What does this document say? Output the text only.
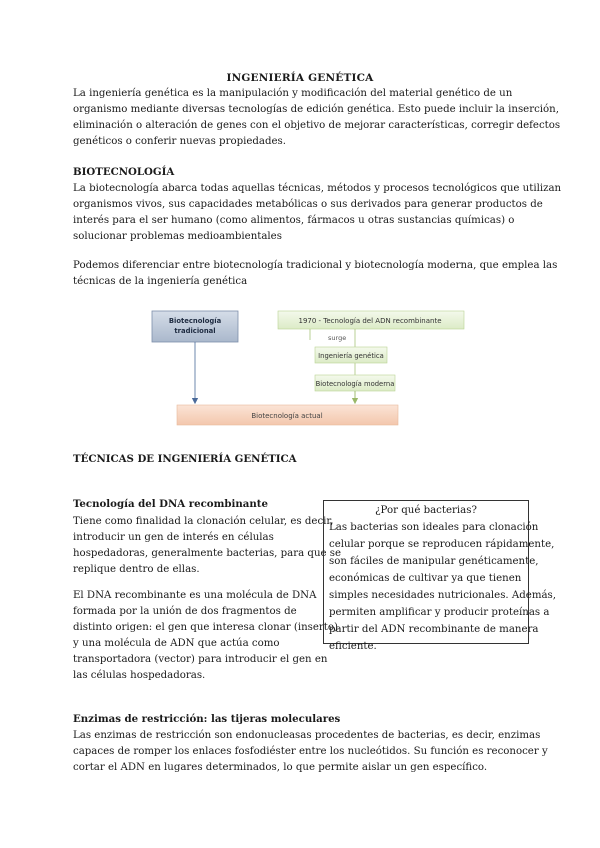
INGENIERÍA GENÉTICA
La ingeniería genética es la manipulación y modificación del material genético de un
organismo mediante diversas tecnologías de edición genética. Esto puede incluir la inserción,
eliminación o alteración de genes con el objetivo de mejorar características, corregir defectos
genéticos o conferir nuevas propiedades.
BIOTECNOLOGÍA
La biotecnología abarca todas aquellas técnicas, métodos y procesos tecnológicos que utilizan
organismos vivos, sus capacidades metabólicas o sus derivados para generar productos de
interés para el ser humano (como alimentos, fármacos u otras sustancias químicas) o
solucionar problemas medioambientales
Podemos diferenciar entre biotecnología tradicional y biotecnología moderna, que emplea las
técnicas de la ingeniería genética
Biotecnología actual
Biotecnología
tradicional
1970 - Tecnología del ADN recombinante
surge
Ingeniería genética
Biotecnología moderna
TÉCNICAS DE INGENIERÍA GENÉTICA
Tecnología del DNA recombinante
Tiene como finalidad la clonación celular, es decir,
introducir un gen de interés en células
hospedadoras, generalmente bacterias, para que se
replique dentro de ellas.
El DNA recombinante es una molécula de DNA
formada por la unión de dos fragmentos de
distinto origen: el gen que interesa clonar (inserto)
y una molécula de ADN que actúa como
transportadora (vector) para introducir el gen en
las células hospedadoras.
¿Por qué bacterias?
Las bacterias son ideales para clonación
celular porque se reproducen rápidamente,
son fáciles de manipular genéticamente,
económicas de cultivar ya que tienen
simples necesidades nutricionales. Además,
permiten amplificar y producir proteínas a
partir del ADN recombinante de manera
eficiente.
Enzimas de restricción: las tijeras moleculares
Las enzimas de restricción son endonucleasas procedentes de bacterias, es decir, enzimas
capaces de romper los enlaces fosfodiéster entre los nucleótidos. Su función es reconocer y
cortar el ADN en lugares determinados, lo que permite aislar un gen específico.
